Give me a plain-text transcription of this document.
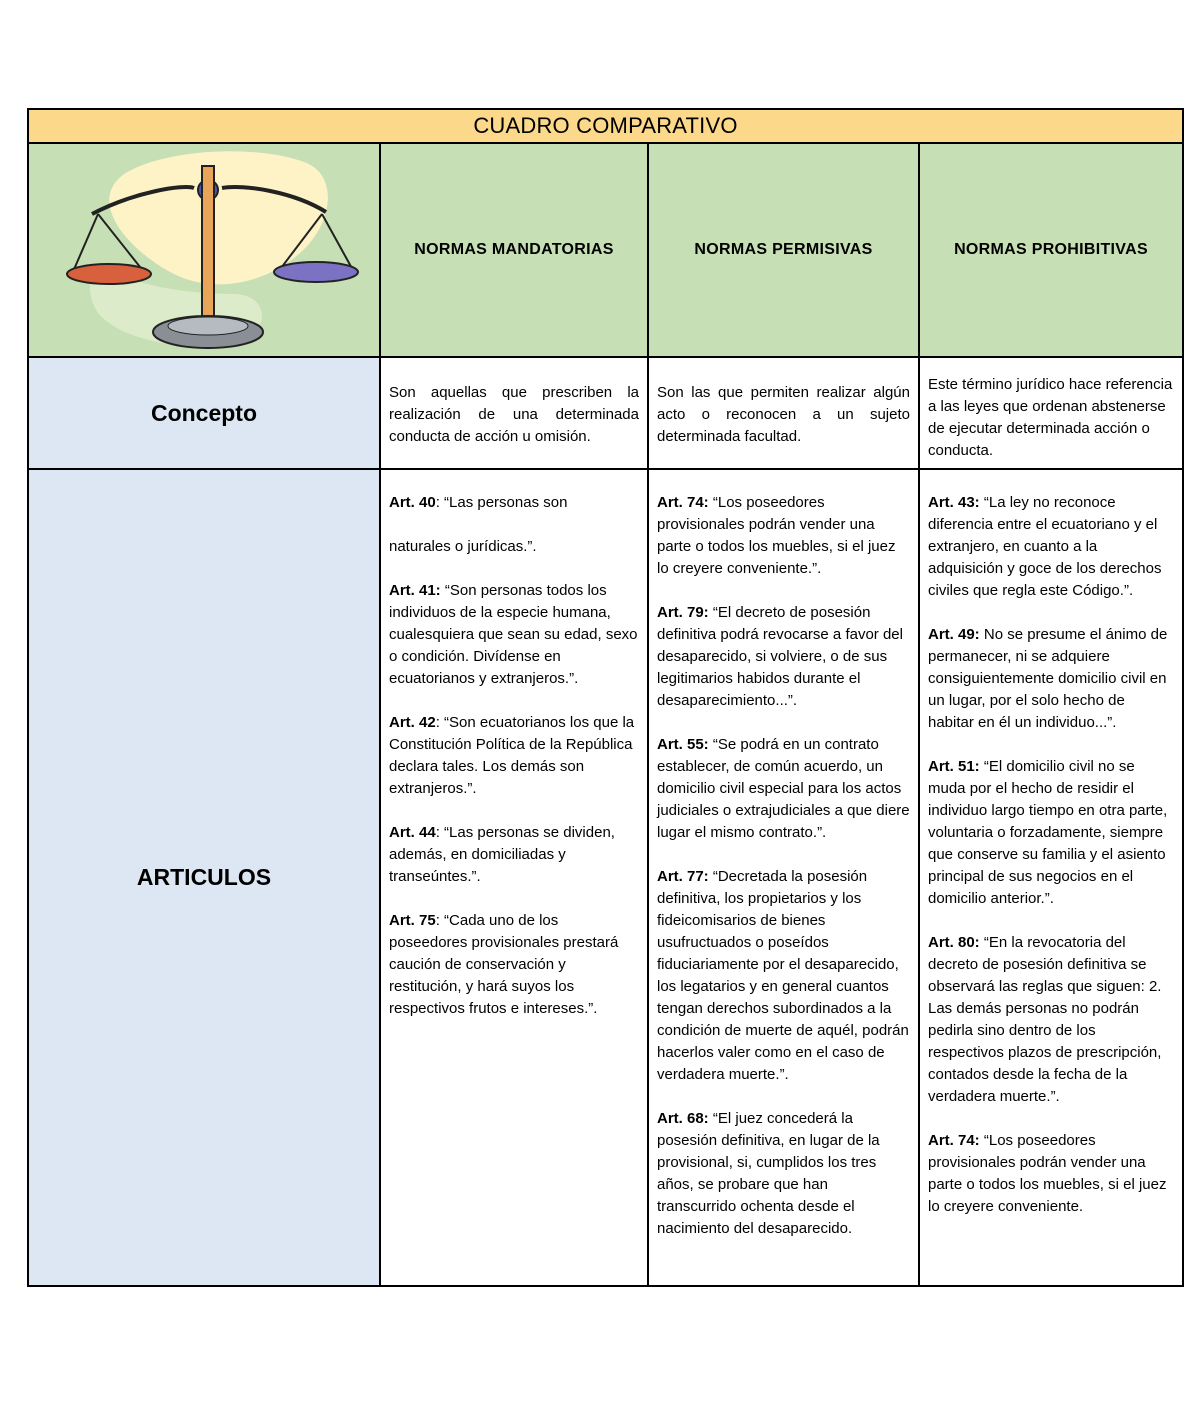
CUADRO COMPARATIVO
NORMAS MANDATORIAS	NORMAS PERMISIVAS	NORMAS PROHIBITIVAS
Concepto
Son aquellas que prescriben la realización de una determinada conducta de acción u omisión.
Son las que permiten realizar algún acto o reconocen a un sujeto determinada facultad.
Este término jurídico hace referencia a las leyes que ordenan abstenerse de ejecutar determinada acción o conducta.
ARTICULOS

Art. 40: “Las personas son
naturales o jurídicas.”.

Art. 41: “Son personas todos los individuos de la especie humana, cualesquiera que sean su edad, sexo o condición. Divídense en ecuatorianos y extranjeros.”.

Art. 42: “Son ecuatorianos los que la Constitución Política de la República declara tales. Los demás son extranjeros.”.

Art. 44: “Las personas se dividen, además, en domiciliadas y transeúntes.”.

Art. 75: “Cada uno de los poseedores provisionales prestará caución de conservación y restitución, y hará suyos los respectivos frutos e intereses.”.

Art. 74: “Los poseedores provisionales podrán vender una parte o todos los muebles, si el juez lo creyere conveniente.”.

Art. 79: “El decreto de posesión definitiva podrá revocarse a favor del desaparecido, si volviere, o de sus legitimarios habidos durante el desaparecimiento...”.

Art. 55: “Se podrá en un contrato establecer, de común acuerdo, un domicilio civil especial para los actos judiciales o extrajudiciales a que diere lugar el mismo contrato.”.

Art. 77: “Decretada la posesión definitiva, los propietarios y los fideicomisarios de bienes usufructuados o poseídos fiduciariamente por el desaparecido, los legatarios y en general cuantos tengan derechos subordinados a la condición de muerte de aquél, podrán hacerlos valer como en el caso de verdadera muerte.”.

Art. 68: “El juez concederá la posesión definitiva, en lugar de la provisional, si, cumplidos los tres años, se probare que han transcurrido ochenta desde el nacimiento del desaparecido.

Art. 43: “La ley no reconoce diferencia entre el ecuatoriano y el extranjero, en cuanto a la adquisición y goce de los derechos civiles que regla este Código.”.

Art. 49: No se presume el ánimo de permanecer, ni se adquiere consiguientemente domicilio civil en un lugar, por el solo hecho de habitar en él un individuo...”.

Art. 51: “El domicilio civil no se muda por el hecho de residir el individuo largo tiempo en otra parte, voluntaria o forzadamente, siempre que conserve su familia y el asiento principal de sus negocios en el domicilio anterior.”.

Art. 80: “En la revocatoria del decreto de posesión definitiva se observará las reglas que siguen: 2. Las demás personas no podrán pedirla sino dentro de los respectivos plazos de prescripción,
contados desde la fecha de la verdadera muerte.”.

Art. 74: “Los poseedores provisionales podrán vender una parte o todos los muebles, si el juez lo creyere conveniente.
